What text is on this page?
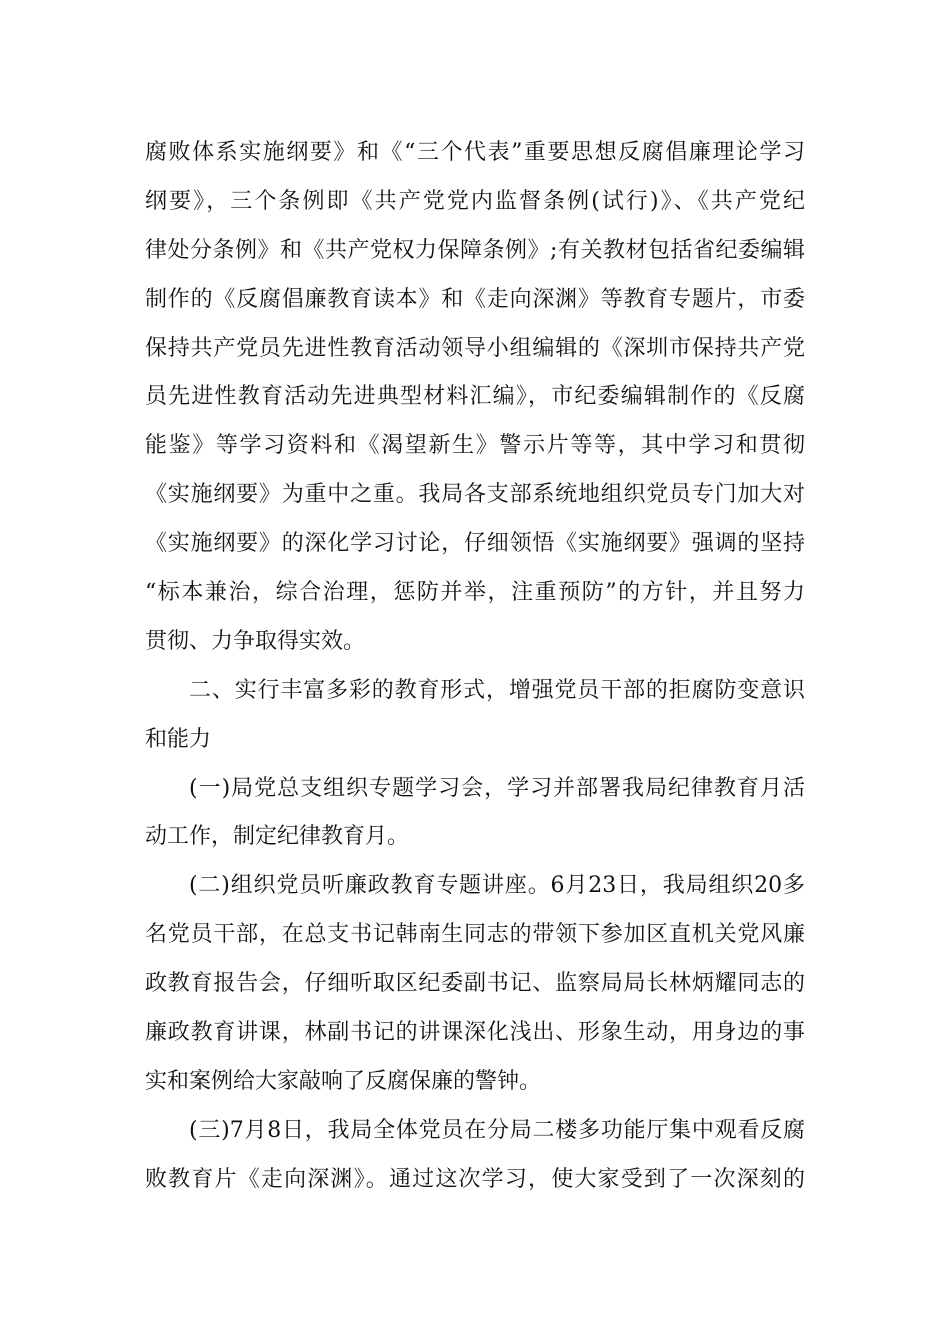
腐败体系实施纲要》和《“三个代表”重要思想反腐倡廉理论学习
纲要》，三个条例即《共产党党内监督条例(试行)》、《共产党纪
律处分条例》和《共产党权力保障条例》;有关教材包括省纪委编辑
制作的《反腐倡廉教育读本》和《走向深渊》等教育专题片，市委
保持共产党员先进性教育活动领导小组编辑的《深圳市保持共产党
员先进性教育活动先进典型材料汇编》，市纪委编辑制作的《反腐
能鉴》等学习资料和《渴望新生》警示片等等，其中学习和贯彻
《实施纲要》为重中之重。我局各支部系统地组织党员专门加大对
《实施纲要》的深化学习讨论，仔细领悟《实施纲要》强调的坚持
“标本兼治，综合治理，惩防并举，注重预防”的方针，并且努力
贯彻、力争取得实效。
二、实行丰富多彩的教育形式，增强党员干部的拒腐防变意识
和能力
(一)局党总支组织专题学习会，学习并部署我局纪律教育月活
动工作，制定纪律教育月。
(二)组织党员听廉政教育专题讲座。6月23日，我局组织20多
名党员干部，在总支书记韩南生同志的带领下参加区直机关党风廉
政教育报告会，仔细听取区纪委副书记、监察局局长林炳耀同志的
廉政教育讲课，林副书记的讲课深化浅出、形象生动，用身边的事
实和案例给大家敲响了反腐保廉的警钟。
(三)7月8日，我局全体党员在分局二楼多功能厅集中观看反腐
败教育片《走向深渊》。通过这次学习，使大家受到了一次深刻的
